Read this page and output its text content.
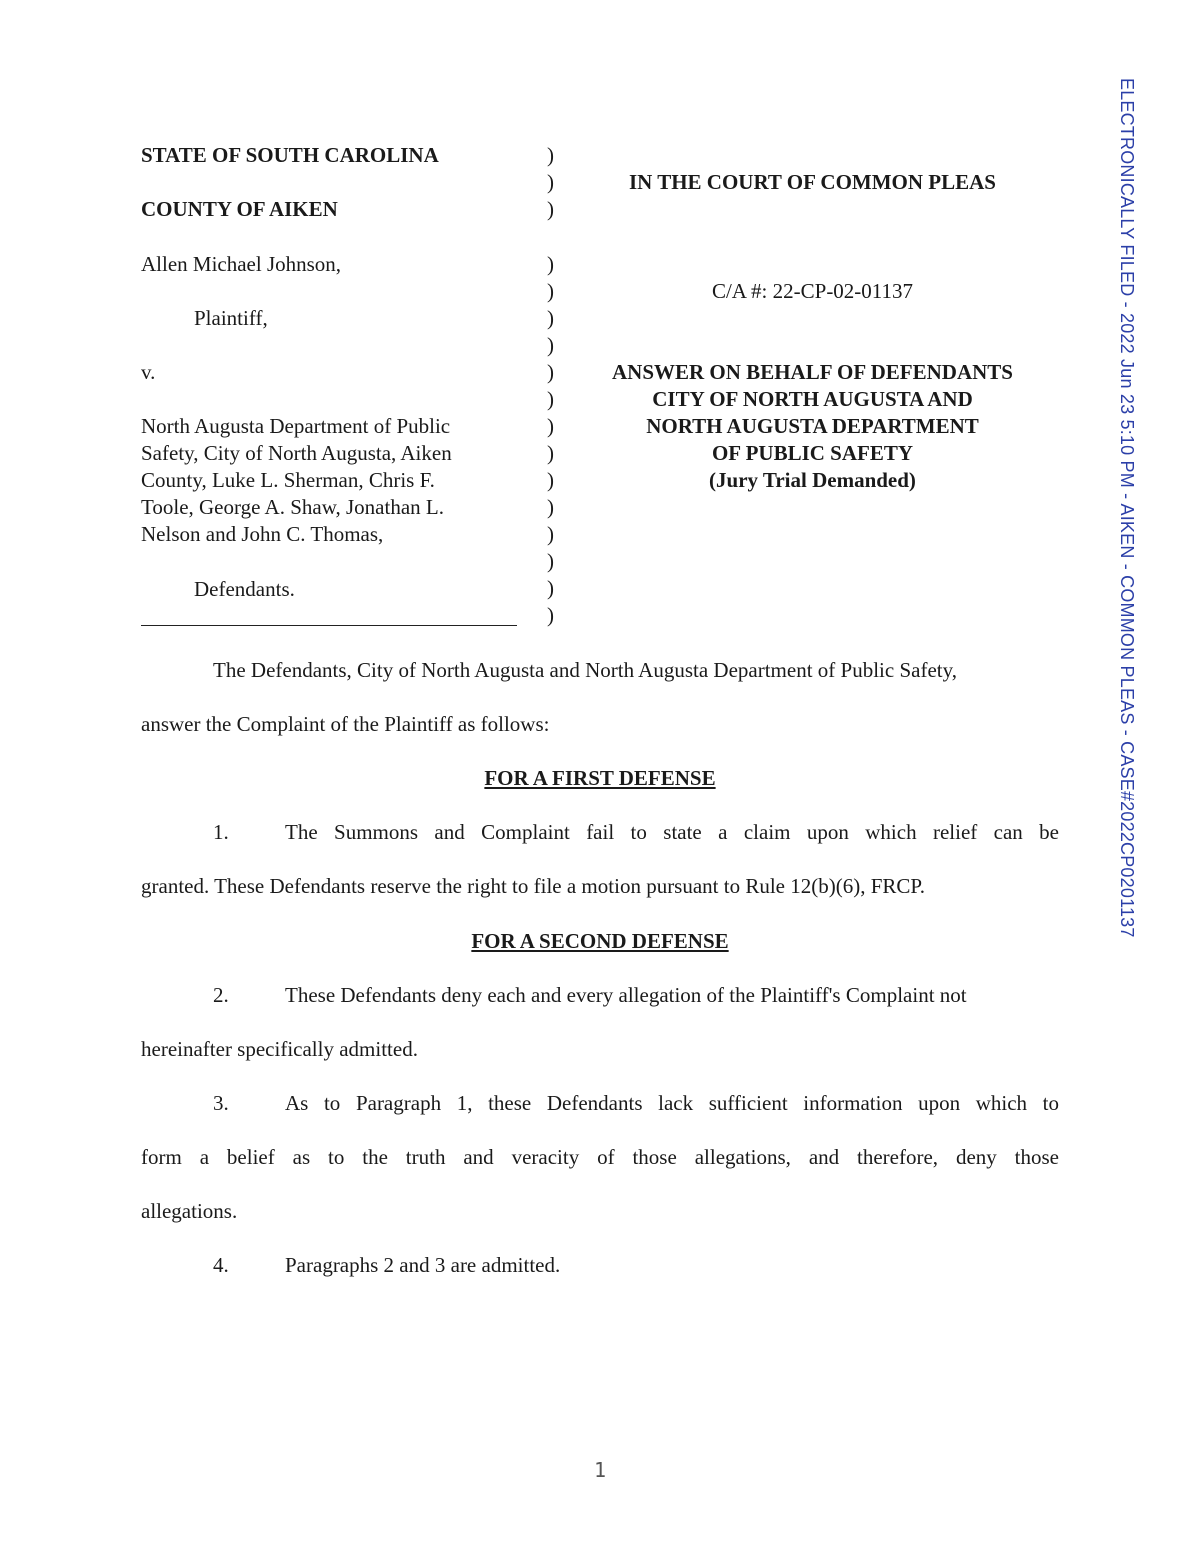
STATE OF SOUTH CAROLINA
COUNTY OF AIKEN
Allen Michael Johnson,
Plaintiff,
v.
North Augusta Department of Public
Safety, City of North Augusta, Aiken
County, Luke L. Sherman, Chris F.
Toole, George A. Shaw, Jonathan L.
Nelson and John C. Thomas,
Defendants.
)
)
)
)
)
)
)
)
)
)
)
)
)
)
)
)
)
IN THE COURT OF COMMON PLEAS
C/A #: 22-CP-02-01137
ANSWER ON BEHALF OF DEFENDANTS
CITY OF NORTH AUGUSTA AND
NORTH AUGUSTA DEPARTMENT
OF PUBLIC SAFETY
(Jury Trial Demanded)
The Defendants, City of North Augusta and North Augusta Department of Public Safety,
answer the Complaint of the Plaintiff as follows:
FOR A FIRST DEFENSE
1.	The Summons and Complaint fail to state a claim upon which relief can be
granted. These Defendants reserve the right to file a motion pursuant to Rule 12(b)(6), FRCP.
FOR A SECOND DEFENSE
2.	These Defendants deny each and every allegation of the Plaintiff's Complaint not
hereinafter specifically admitted.
3.	As to Paragraph 1, these Defendants lack sufficient information upon which to
form a belief as to the truth and veracity of those allegations, and therefore, deny those
allegations.
4.	Paragraphs 2 and 3 are admitted.
1
ELECTRONICALLY FILED - 2022 Jun 23 5:10 PM - AIKEN - COMMON PLEAS - CASE#2022CP0201137
